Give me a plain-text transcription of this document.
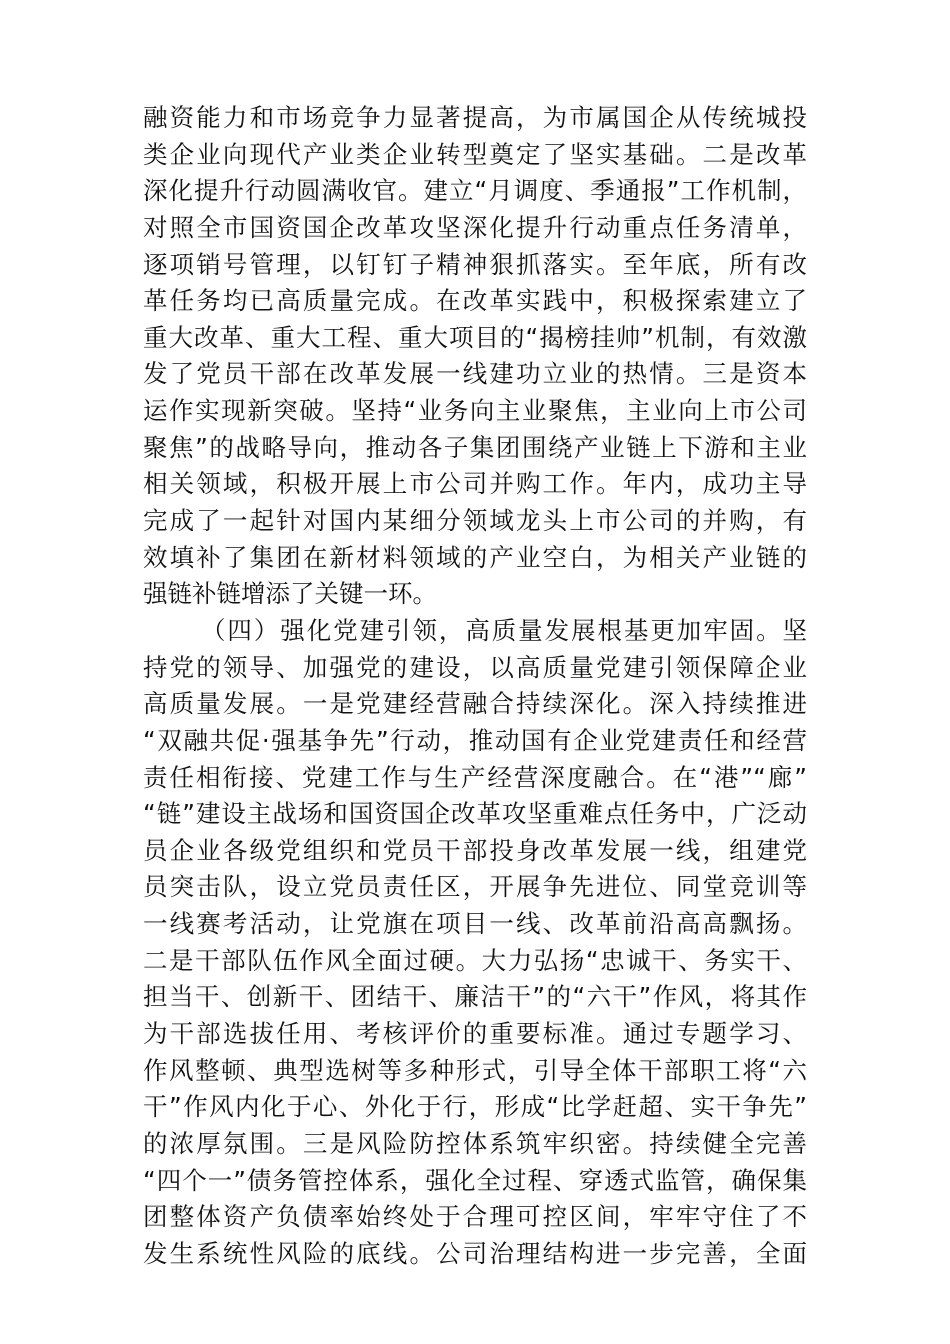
融资能力和市场竞争力显著提高，为市属国企从传统城投
类企业向现代产业类企业转型奠定了坚实基础。二是改革
深化提升行动圆满收官。建立“月调度、季通报”工作机制，
对照全市国资国企改革攻坚深化提升行动重点任务清单，
逐项销号管理，以钉钉子精神狠抓落实。至年底，所有改
革任务均已高质量完成。在改革实践中，积极探索建立了
重大改革、重大工程、重大项目的“揭榜挂帅”机制，有效激
发了党员干部在改革发展一线建功立业的热情。三是资本
运作实现新突破。坚持“业务向主业聚焦，主业向上市公司
聚焦”的战略导向，推动各子集团围绕产业链上下游和主业
相关领域，积极开展上市公司并购工作。年内，成功主导
完成了一起针对国内某细分领域龙头上市公司的并购，有
效填补了集团在新材料领域的产业空白，为相关产业链的
强链补链增添了关键一环。
（四）强化党建引领，高质量发展根基更加牢固。坚
持党的领导、加强党的建设，以高质量党建引领保障企业
高质量发展。一是党建经营融合持续深化。深入持续推进
“双融共促·强基争先”行动，推动国有企业党建责任和经营
责任相衔接、党建工作与生产经营深度融合。在“港”“廊”
“链”建设主战场和国资国企改革攻坚重难点任务中，广泛动
员企业各级党组织和党员干部投身改革发展一线，组建党
员突击队，设立党员责任区，开展争先进位、同堂竞训等
一线赛考活动，让党旗在项目一线、改革前沿高高飘扬。
二是干部队伍作风全面过硬。大力弘扬“忠诚干、务实干、
担当干、创新干、团结干、廉洁干”的“六干”作风，将其作
为干部选拔任用、考核评价的重要标准。通过专题学习、
作风整顿、典型选树等多种形式，引导全体干部职工将“六
干”作风内化于心、外化于行，形成“比学赶超、实干争先”
的浓厚氛围。三是风险防控体系筑牢织密。持续健全完善
“四个一”债务管控体系，强化全过程、穿透式监管，确保集
团整体资产负债率始终处于合理可控区间，牢牢守住了不
发生系统性风险的底线。公司治理结构进一步完善，全面
